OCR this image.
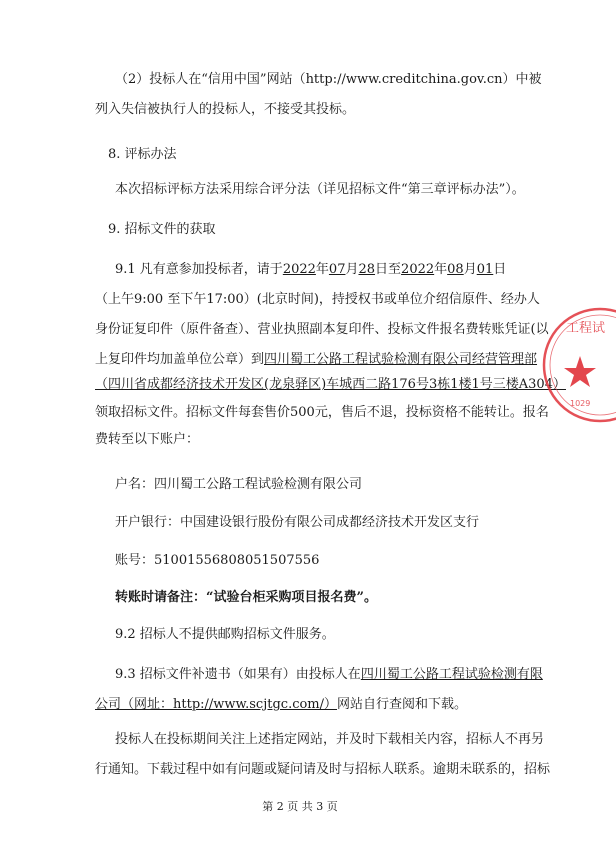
（2）投标人在“信用中国”网站（http://www.creditchina.gov.cn）中被
列入失信被执行人的投标人，不接受其投标。
8. 评标办法
本次招标评标方法采用综合评分法（详见招标文件“第三章评标办法”）。
9. 招标文件的获取
9.1 凡有意参加投标者，请于2022年07月28日至2022年08月01日
（上午9:00 至下午17:00）(北京时间)，持授权书或单位介绍信原件、经办人
身份证复印件（原件备查）、营业执照副本复印件、投标文件报名费转账凭证(以
上复印件均加盖单位公章）到四川蜀工公路工程试验检测有限公司经营管理部
（四川省成都经济技术开发区(龙泉驿区)车城西二路176号3栋1楼1号三楼A304）
领取招标文件。招标文件每套售价500元，售后不退，投标资格不能转让。报名
费转至以下账户：
户名：四川蜀工公路工程试验检测有限公司
开户银行：中国建设银行股份有限公司成都经济技术开发区支行
账号：51001556808051507556
转账时请备注：“试验台柜采购项目报名费”。
9.2 招标人不提供邮购招标文件服务。
9.3 招标文件补遗书（如果有）由投标人在四川蜀工公路工程试验检测有限
公司（网址：http://www.scjtgc.com/）网站自行查阅和下载。
投标人在投标期间关注上述指定网站，并及时下载相关内容，招标人不再另
行通知。下载过程中如有问题或疑问请及时与招标人联系。逾期未联系的，招标
第 2 页 共 3 页
工程试
1029
